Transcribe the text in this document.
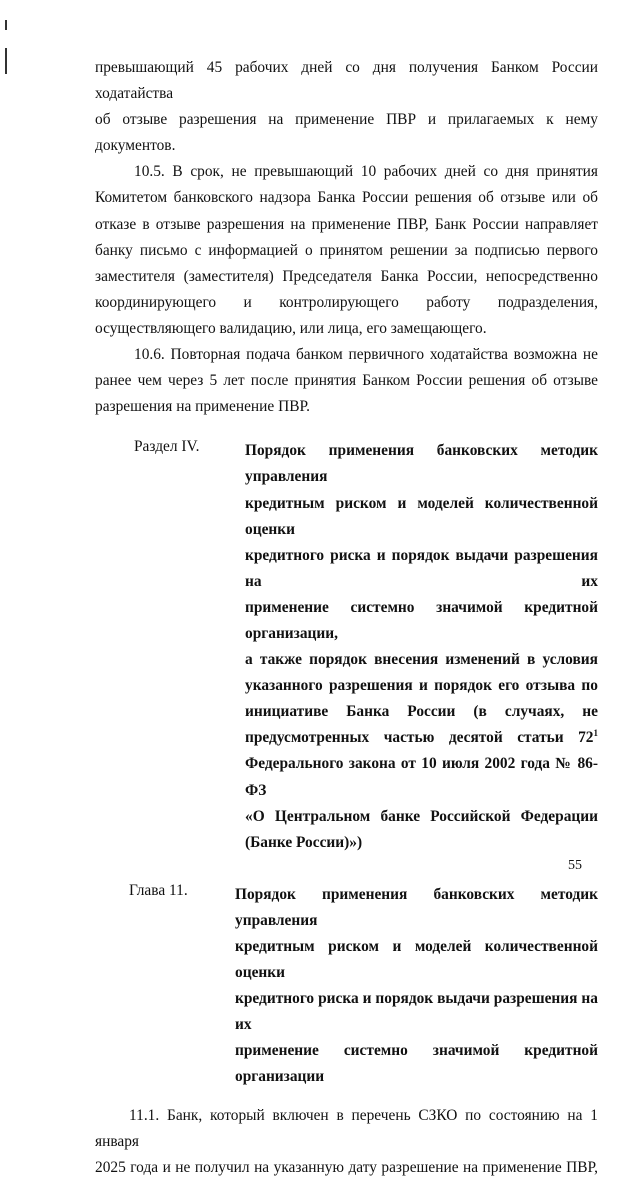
превышающий 45 рабочих дней со дня получения Банком России ходатайства
об отзыве разрешения на применение ПВР и прилагаемых к нему документов.

10.5. В срок, не превышающий 10 рабочих дней со дня принятия
Комитетом банковского надзора Банка России решения об отзыве или об
отказе в отзыве разрешения на применение ПВР, Банк России направляет
банку письмо с информацией о принятом решении за подписью первого
заместителя (заместителя) Председателя Банка России, непосредственно
координирующего и контролирующего работу подразделения,
осуществляющего валидацию, или лица, его замещающего.

10.6. Повторная подача банком первичного ходатайства возможна не
ранее чем через 5 лет после принятия Банком России решения об отзыве
разрешения на применение ПВР.

Раздел IV.	Порядок применения банковских методик управления
кредитным риском и моделей количественной оценки
кредитного риска и порядок выдачи разрешения на их
применение системно значимой кредитной организации,
а также порядок внесения изменений в условия
указанного разрешения и порядок его отзыва по
инициативе Банка России (в случаях, не
предусмотренных частью десятой статьи $72^1$
Федерального закона от 10 июля 2002 года № 86-ФЗ
«О Центральном банке Российской Федерации
(Банке России)»)
Глава 11.	Порядок применения банковских методик управления
кредитным риском и моделей количественной оценки
кредитного риска и порядок выдачи разрешения на их
применение системно значимой кредитной организации

11.1. Банк, который включен в перечень СЗКО по состоянию на 1 января
2025 года и не получил на указанную дату разрешение на применение ПВР,

55
